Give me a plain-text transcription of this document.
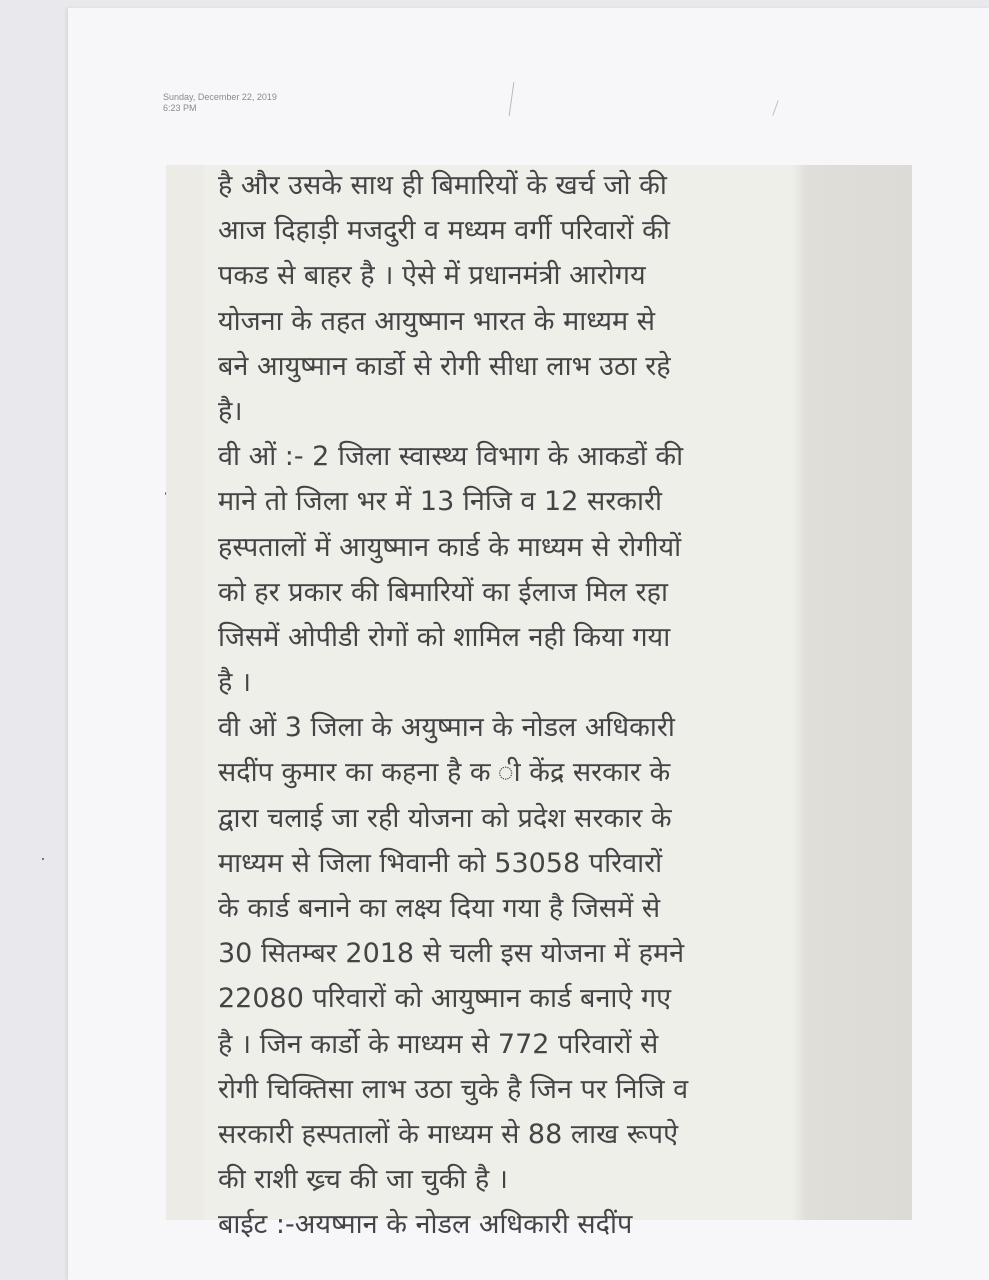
Sunday, December 22, 2019
6:23 PM
है और उसके साथ ही बिमारियों के खर्च जो की
आज दिहाड़ी मजदुरी व मध्यम वर्गी परिवारों की
पकड से बाहर है । ऐसे में प्रधानमंत्री आरोगय
योजना के तहत आयुष्मान भारत के माध्यम से
बने आयुष्मान कार्डो से रोगी सीधा लाभ उठा रहे
है।
वी ओं :- 2 जिला स्वास्थ्य विभाग के आकडों की
माने तो जिला भर में 13 निजि व 12 सरकारी
हस्पतालों में आयुष्मान कार्ड के माध्यम से रोगीयों
को हर प्रकार की बिमारियों का ईलाज मिल रहा
जिसमें ओपीडी रोगों को शामिल नही किया गया
है ।
वी ओं 3 जिला के अयुष्मान के नोडल अधिकारी
सदींप कुमार का कहना है क ी केंद्र सरकार के
द्वारा चलाई जा रही योजना को प्रदेश सरकार के
माध्यम से जिला भिवानी को 53058 परिवारों
के कार्ड बनाने का लक्ष्य दिया गया है जिसमें से
30 सितम्बर 2018 से चली इस योजना में हमने
22080 परिवारों को आयुष्मान कार्ड बनाऐ गए
है । जिन कार्डो के माध्यम से 772 परिवारों से
रोगी चिक्तिसा लाभ उठा चुके है जिन पर निजि व
सरकारी हस्पतालों के माध्यम से 88 लाख रूपऐ
की राशी ख्र्च की जा चुकी है ।
बाईट :-अयष्मान के नोडल अधिकारी सदींप
